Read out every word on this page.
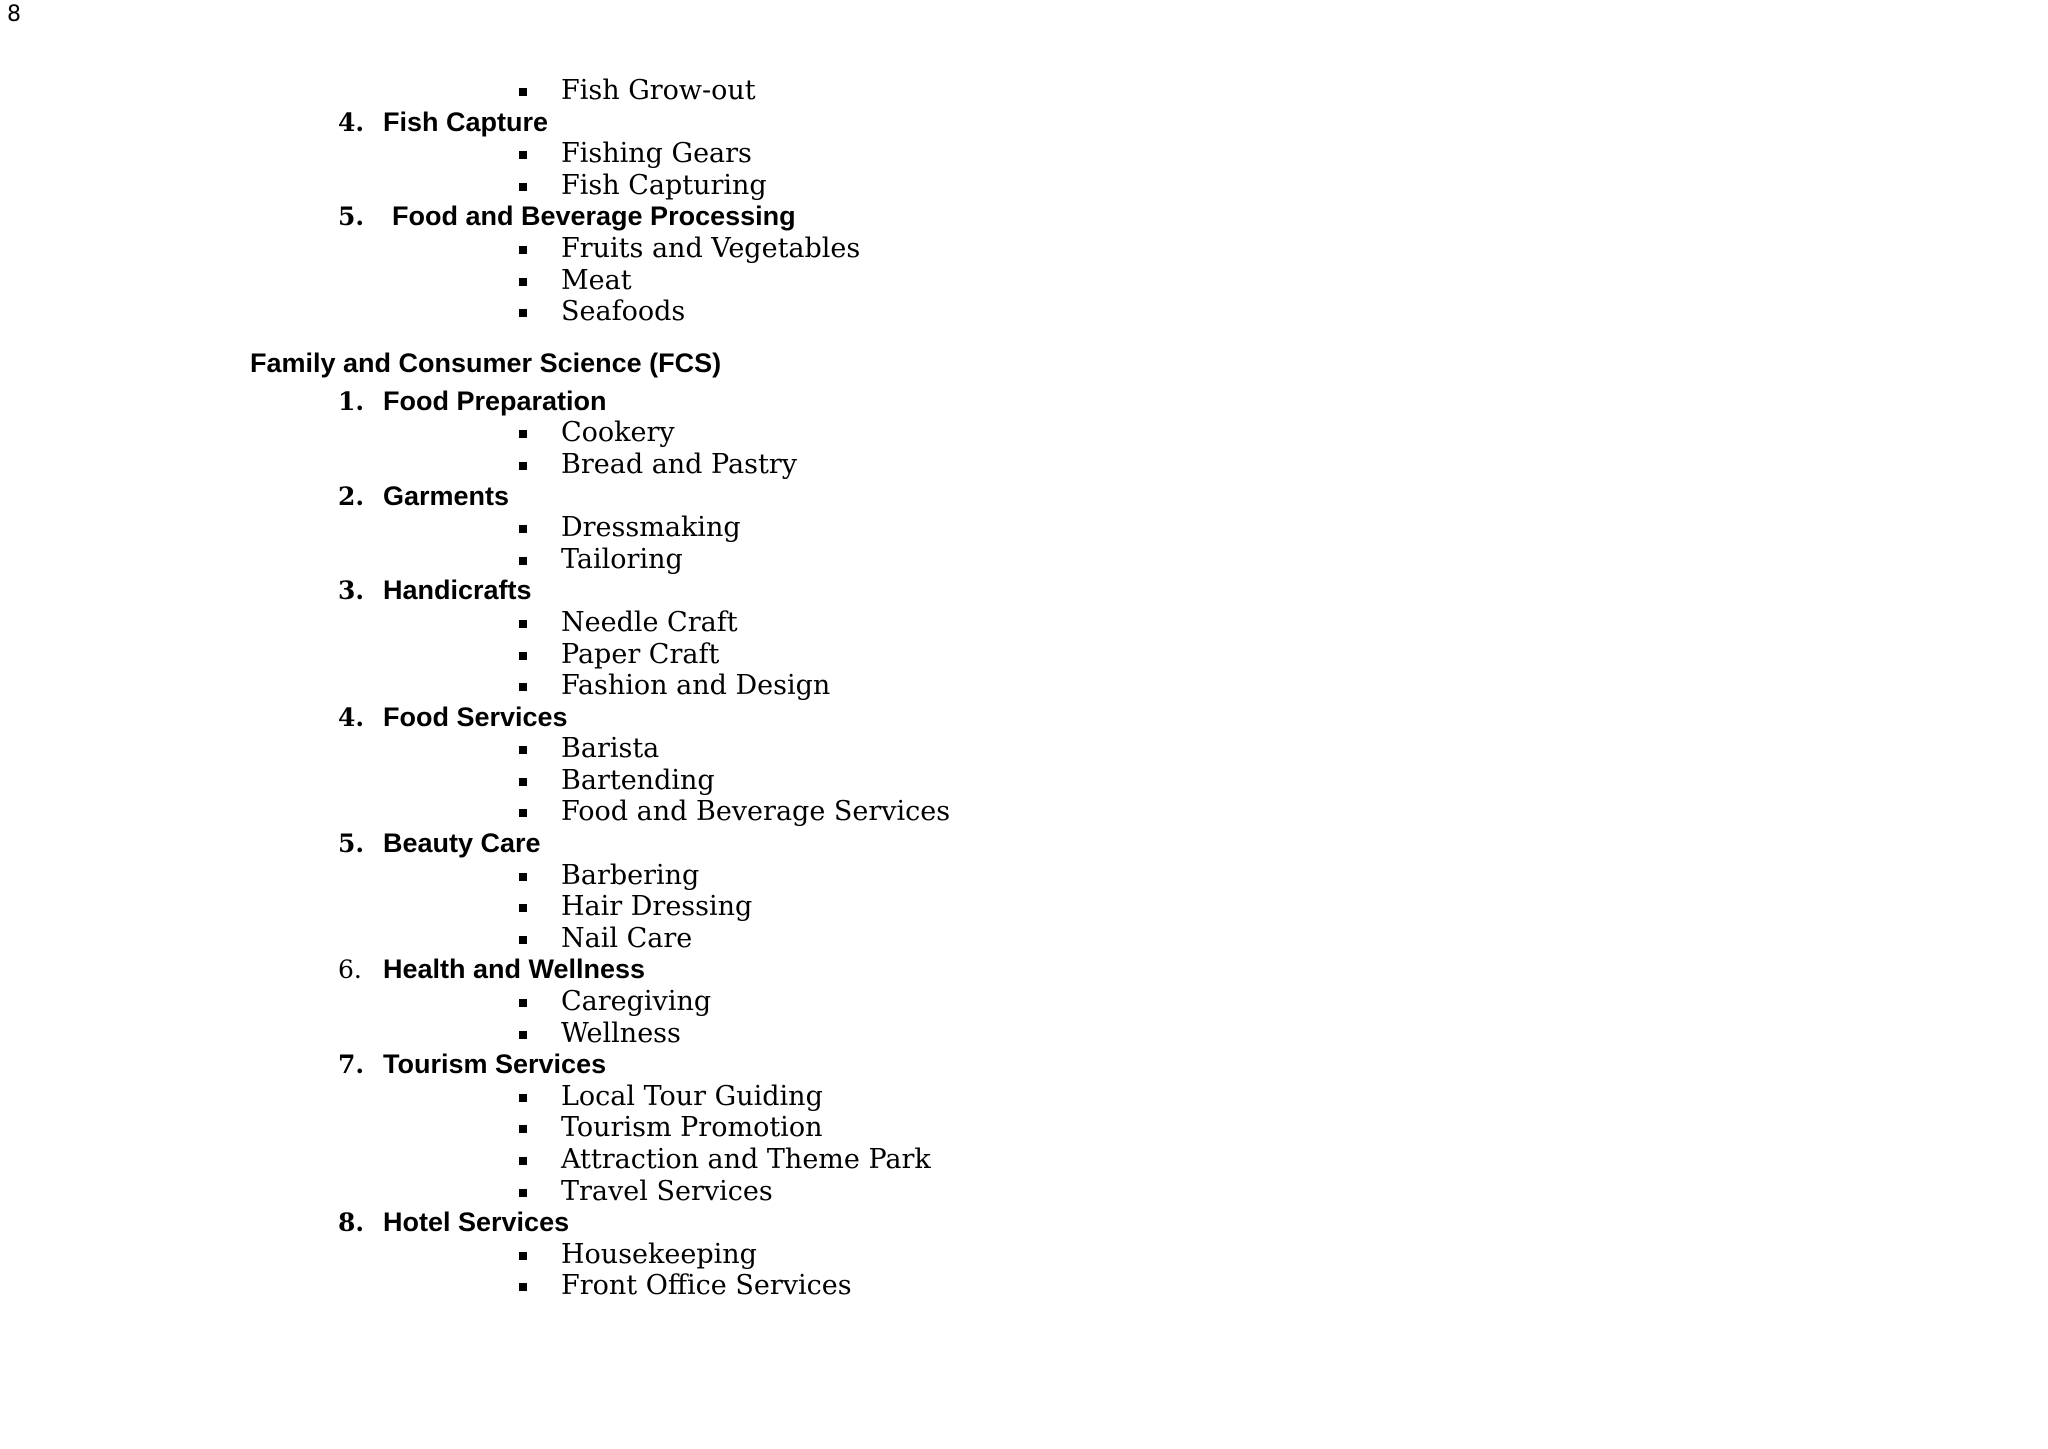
8
Fish Grow-out
4. Fish Capture
Fishing Gears
Fish Capturing
5. Food and Beverage Processing
Fruits and Vegetables
Meat
Seafoods
Family and Consumer Science (FCS)
1. Food Preparation
Cookery
Bread and Pastry
2. Garments
Dressmaking
Tailoring
3. Handicrafts
Needle Craft
Paper Craft
Fashion and Design
4. Food Services
Barista
Bartending
Food and Beverage Services
5. Beauty Care
Barbering
Hair Dressing
Nail Care
6. Health and Wellness
Caregiving
Wellness
7. Tourism Services
Local Tour Guiding
Tourism Promotion
Attraction and Theme Park
Travel Services
8. Hotel Services
Housekeeping
Front Office Services
